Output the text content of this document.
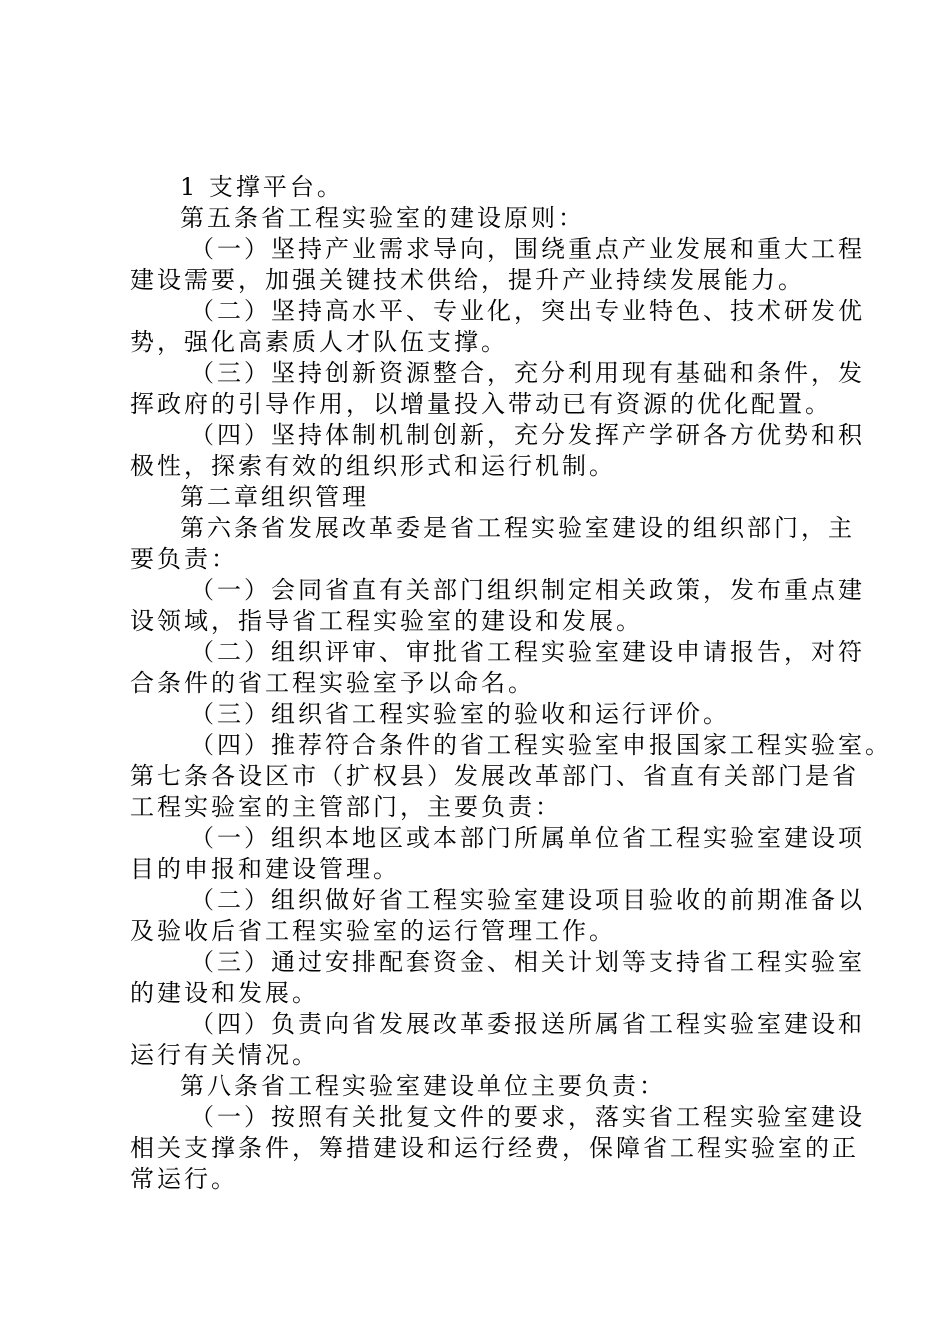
1 支撑平台。
第五条省工程实验室的建设原则：
（一）坚持产业需求导向，围绕重点产业发展和重大工程
建设需要，加强关键技术供给，提升产业持续发展能力。
（二）坚持高水平、专业化，突出专业特色、技术研发优
势，强化高素质人才队伍支撑。
（三）坚持创新资源整合，充分利用现有基础和条件，发
挥政府的引导作用，以增量投入带动已有资源的优化配置。
（四）坚持体制机制创新，充分发挥产学研各方优势和积
极性，探索有效的组织形式和运行机制。
第二章组织管理
第六条省发展改革委是省工程实验室建设的组织部门，主
要负责：
（一）会同省直有关部门组织制定相关政策，发布重点建
设领域，指导省工程实验室的建设和发展。
（二）组织评审、审批省工程实验室建设申请报告，对符
合条件的省工程实验室予以命名。
（三）组织省工程实验室的验收和运行评价。
（四）推荐符合条件的省工程实验室申报国家工程实验室。
第七条各设区市（扩权县）发展改革部门、省直有关部门是省
工程实验室的主管部门，主要负责：
（一）组织本地区或本部门所属单位省工程实验室建设项
目的申报和建设管理。
（二）组织做好省工程实验室建设项目验收的前期准备以
及验收后省工程实验室的运行管理工作。
（三）通过安排配套资金、相关计划等支持省工程实验室
的建设和发展。
（四）负责向省发展改革委报送所属省工程实验室建设和
运行有关情况。
第八条省工程实验室建设单位主要负责：
（一）按照有关批复文件的要求，落实省工程实验室建设
相关支撑条件，筹措建设和运行经费，保障省工程实验室的正
常运行。
